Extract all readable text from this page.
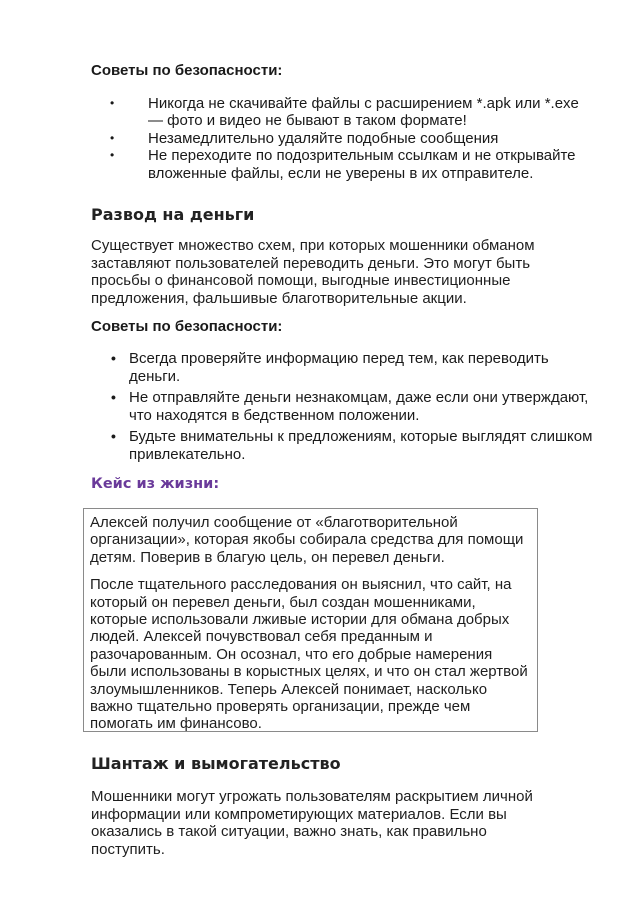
Советы по безопасности:
• Никогда не скачивайте файлы с расширением *.apk или *.exe — фото и видео не бывают в таком формате!
• Незамедлительно удаляйте подобные сообщения
• Не переходите по подозрительным ссылкам и не открывайте вложенные файлы, если не уверены в их отправителе.
Развод на деньги

Существует множество схем, при которых мошенники обманом заставляют пользователей переводить деньги. Это могут быть просьбы о финансовой помощи, выгодные инвестиционные предложения, фальшивые благотворительные акции.

Советы по безопасности:
• Всегда проверяйте информацию перед тем, как переводить деньги.
• Не отправляйте деньги незнакомцам, даже если они утверждают, что находятся в бедственном положении.
• Будьте внимательны к предложениям, которые выглядят слишком привлекательно.
Кейс из жизни:

Алексей получил сообщение от «благотворительной организации», которая якобы собирала средства для помощи детям. Поверив в благую цель, он перевел деньги.

После тщательного расследования он выяснил, что сайт, на который он перевел деньги, был создан мошенниками, которые использовали лживые истории для обмана добрых людей. Алексей почувствовал себя преданным и разочарованным. Он осознал, что его добрые намерения были использованы в корыстных целях, и что он стал жертвой злоумышленников. Теперь Алексей понимает, насколько важно тщательно проверять организации, прежде чем помогать им финансово.

Шантаж и вымогательство

Мошенники могут угрожать пользователям раскрытием личной информации или компрометирующих материалов. Если вы оказались в такой ситуации, важно знать, как правильно поступить.
